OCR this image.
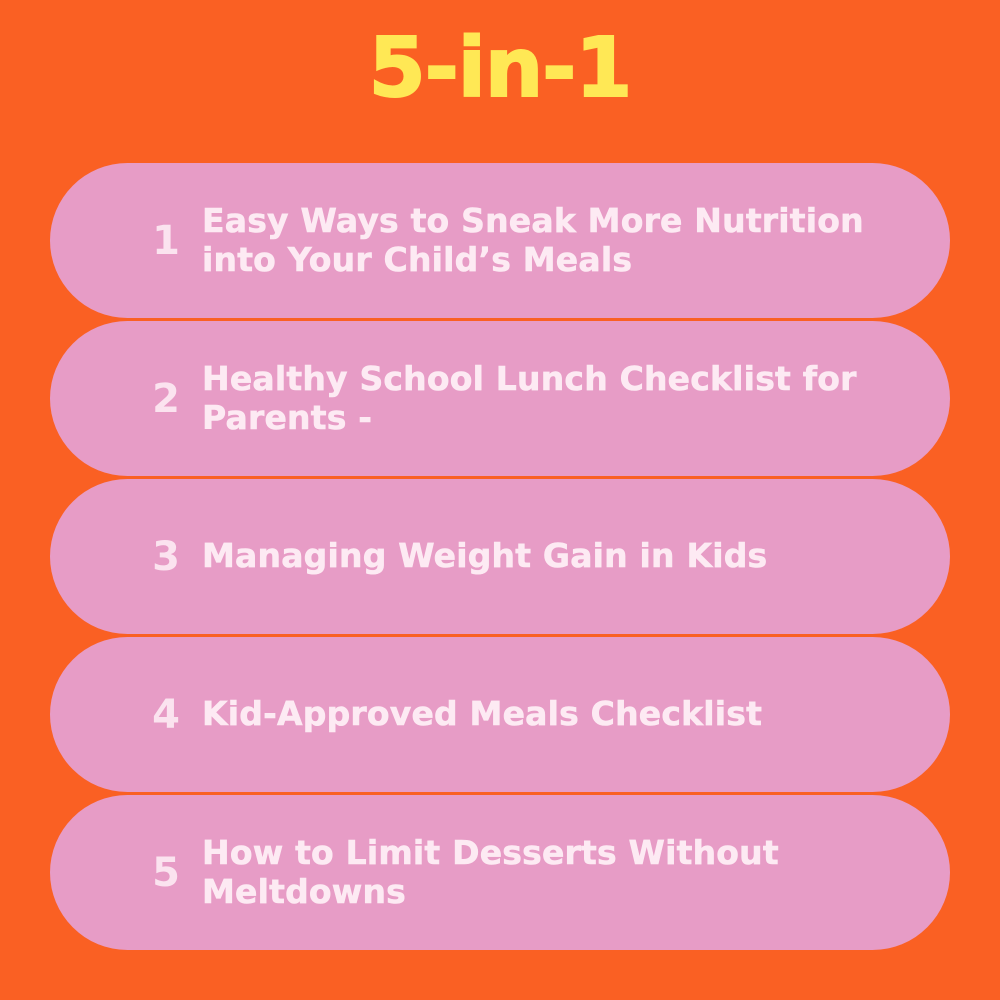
5-in-1
1 Easy Ways to Sneak More Nutrition into Your Child’s Meals
2 Healthy School Lunch Checklist for Parents -
3 Managing Weight Gain in Kids
4 Kid-Approved Meals Checklist
5 How to Limit Desserts Without Meltdowns
